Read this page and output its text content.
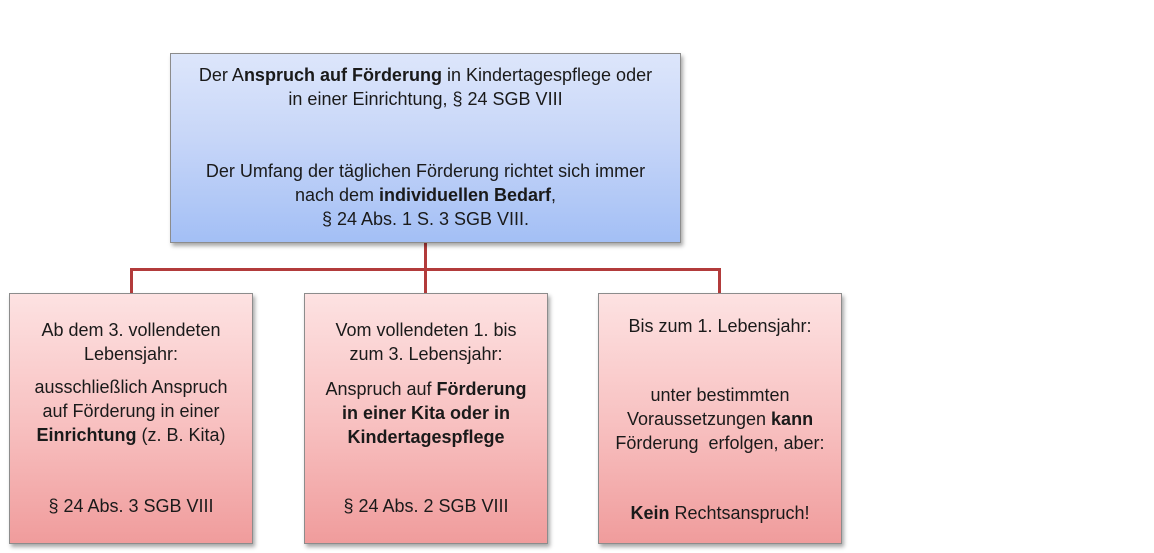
Der Anspruch auf Förderung in Kindertagespflege oder
in einer Einrichtung, § 24 SGB VIII
Der Umfang der täglichen Förderung richtet sich immer
nach dem individuellen Bedarf,
§ 24 Abs. 1 S. 3 SGB VIII.
Ab dem 3. vollendeten
Lebensjahr:
ausschließlich Anspruch
auf Förderung in einer
Einrichtung (z. B. Kita)
§ 24 Abs. 3 SGB VIII
Vom vollendeten 1. bis
zum 3. Lebensjahr:
Anspruch auf Förderung
in einer Kita oder in
Kindertagespflege
§ 24 Abs. 2 SGB VIII
Bis zum 1. Lebensjahr:
unter bestimmten
Voraussetzungen kann
Förderung  erfolgen, aber:
Kein Rechtsanspruch!
